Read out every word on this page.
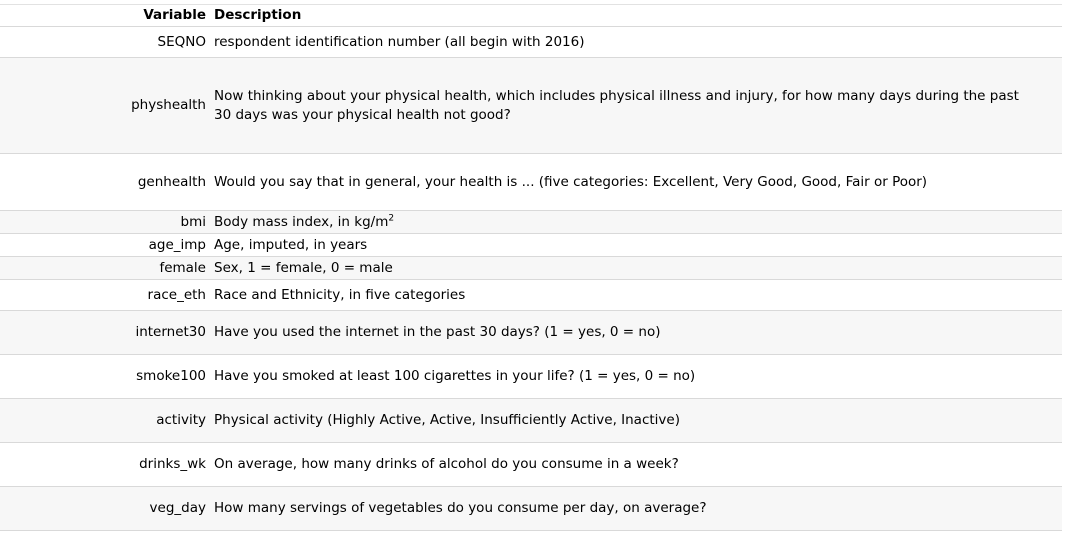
Variable	Description
SEQNO	respondent identification number (all begin with 2016)
physhealth	Now thinking about your physical health, which includes physical illness and injury, for how many days during the past 30 days was your physical health not good?
genhealth	Would you say that in general, your health is ... (five categories: Excellent, Very Good, Good, Fair or Poor)
bmi	Body mass index, in $kg/m^2$
age_imp	Age, imputed, in years
female	Sex, 1 = female, 0 = male
race_eth	Race and Ethnicity, in five categories
internet30	Have you used the internet in the past 30 days? (1 = yes, 0 = no)
smoke100	Have you smoked at least 100 cigarettes in your life? (1 = yes, 0 = no)
activity	Physical activity (Highly Active, Active, Insufficiently Active, Inactive)
drinks_wk	On average, how many drinks of alcohol do you consume in a week?
veg_day	How many servings of vegetables do you consume per day, on average?
